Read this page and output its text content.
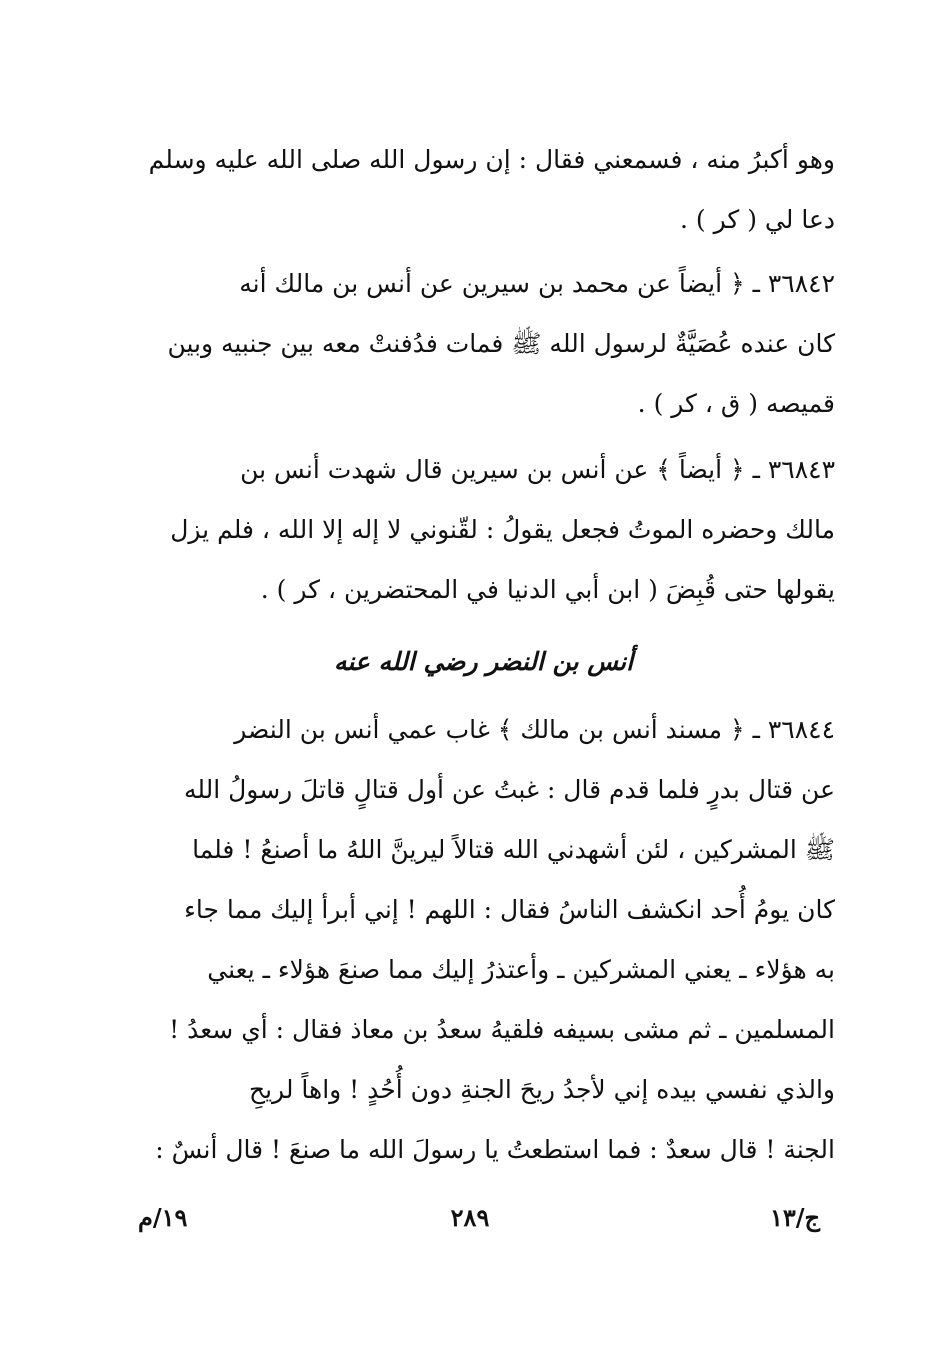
وهو أكبرُ منه ، فسمعني فقال : إن رسول الله صلى الله عليه وسلم
دعا لي ( كر ) .
٣٦٨٤٢ ـ ﴿ أيضاً عن محمد بن سيرين عن أنس بن مالك أنه
كان عنده عُصَيَّةٌ لرسول الله ﷺ فمات فدُفنتْ معه بين جنبيه وبين
قميصه ( ق ، كر ) .
٣٦٨٤٣ ـ ﴿ أيضاً ﴾ عن أنس بن سيرين قال شهدت أنس بن
مالك وحضره الموتُ فجعل يقولُ : لقّنوني لا إله إلا الله ، فلم يزل
يقولها حتى قُبِضَ ( ابن أبي الدنيا في المحتضرين ، كر ) .
أنس بن النضر رضي الله عنه
٣٦٨٤٤ ـ ﴿ مسند أنس بن مالك ﴾ غاب عمي أنس بن النضر
عن قتال بدرٍ فلما قدم قال : غبتُ عن أول قتالٍ قاتلَ رسولُ الله
ﷺ المشركين ، لئن أشهدني الله قتالاً ليرينَّ اللهُ ما أصنعُ ! فلما
كان يومُ أُحد انكشف الناسُ فقال : اللهم ! إني أبرأ إليك مما جاء
به هؤلاء ـ يعني المشركين ـ وأعتذرُ إليك مما صنعَ هؤلاء ـ يعني
المسلمين ـ ثم مشى بسيفه فلقيهُ سعدُ بن معاذ فقال : أي سعدُ !
والذي نفسي بيده إني لأجدُ ريحَ الجنةِ دون أُحُدٍ ! واهاً لريحِ
الجنة ! قال سعدٌ : فما استطعتُ يا رسولَ الله ما صنعَ ! قال أنسٌ :
١٩/م	٢٨٩	ج/١٣
